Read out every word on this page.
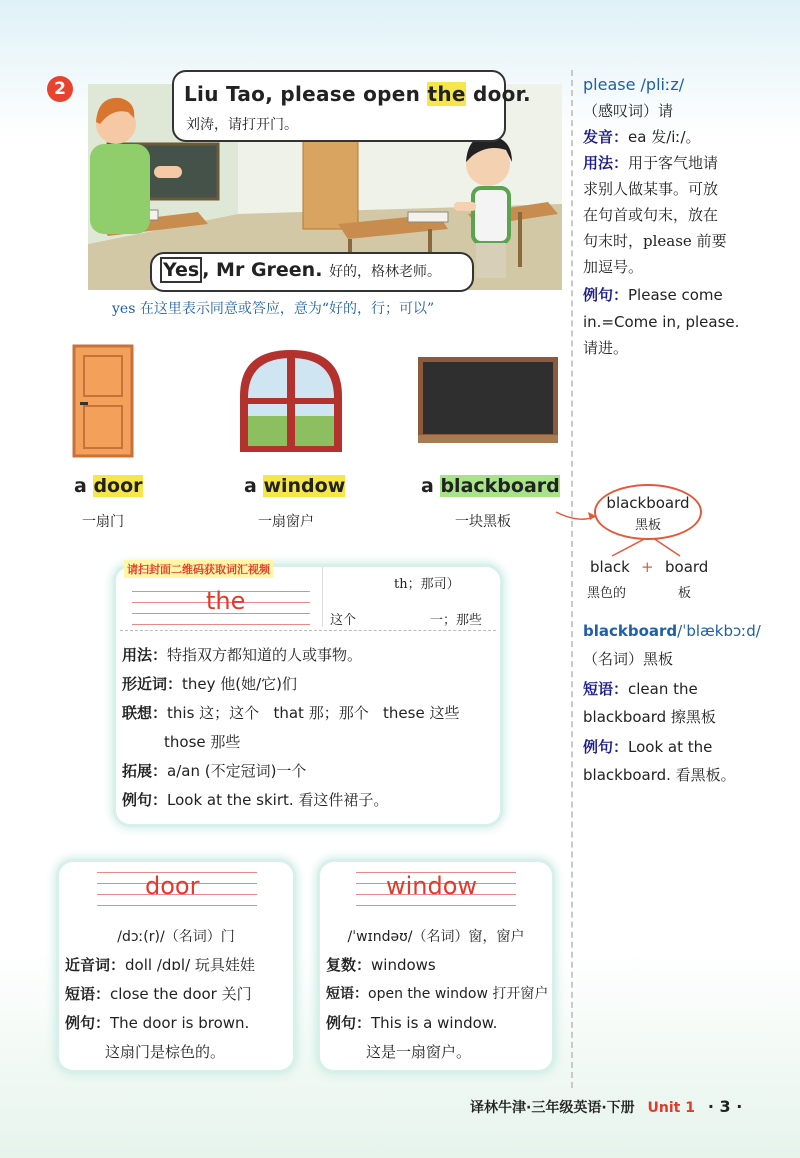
2	Liu Tao, please open the door.
刘涛，请打开门。
Yes , Mr Green. 好的，格林老师。
yes 在这里表示同意或答应，意为“好的，行；可以”
a door
一扇门
a window
一扇窗户
a blackboard
一块黑板
blackboard
黑板
black
黑色的
+ board
板
the
th；那司）
这个	一；那些
用法：特指双方都知道的人或事物。
形近词：they 他(她/它)们
联想：this 这；这个 that 那；那个 these 这些
those 那些
拓展：a/an (不定冠词)一个
例句：Look at the skirt. 看这件裙子。
请扫封面二维码获取词汇视频
door
/dɔː(r)/（名词）门
近音词：doll /dɒl/ 玩具娃娃
短语：close the door 关门
例句：The door is brown.
这扇门是棕色的。
window
/ˈwɪndəʊ/（名词）窗，窗户
复数：windows
短语：open the window 打开窗户
例句：This is a window.
这是一扇窗户。
please /pliːz/
（感叹词）请
发音：ea 发/iː/。
用法：用于客气地请
求别人做某事。可放
在句首或句末，放在
句末时，please 前要
加逗号。
例句：Please come
in.=Come in, please.
请进。
blackboard/ˈblækbɔːd/
（名词）黑板
短语：clean the
blackboard 擦黑板
例句：Look at the
blackboard. 看黑板。
译林牛津·三年级英语·下册 Unit 1 · 3 ·
